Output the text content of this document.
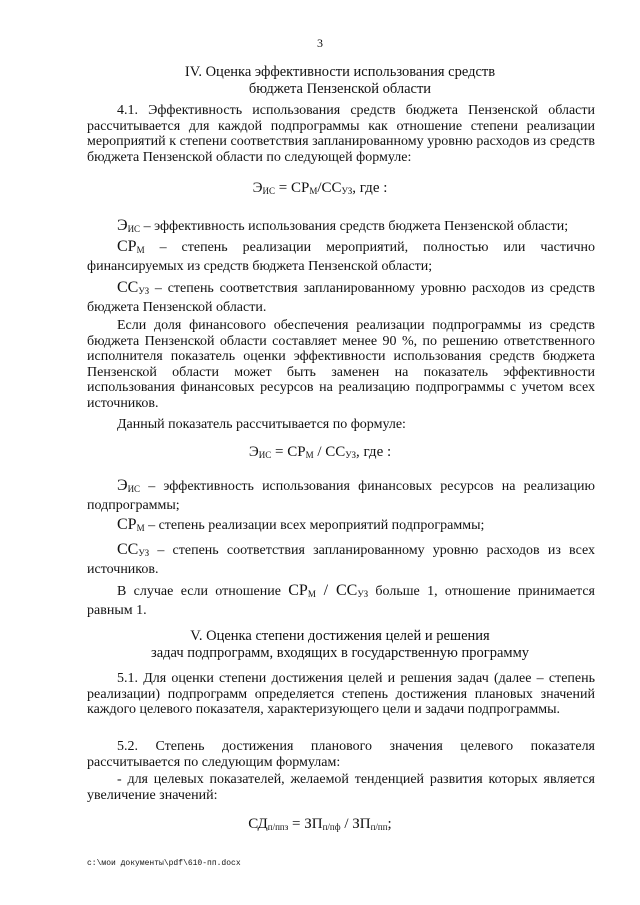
3
IV. Оценка эффективности использования средств
бюджета Пензенской области
4.1. Эффективность использования средств бюджета Пензенской области рассчитывается для каждой подпрограммы как отношение степени реализации мероприятий к степени соответствия запланированному уровню расходов из средств бюджета Пензенской области по следующей формуле:
$Э_{ИС} = СР_М/СС_{УЗ}$, где :
$Э_{ИС}$ – эффективность использования средств бюджета Пензенской области;
$СР_М$ – степень реализации мероприятий, полностью или частично финансируемых из средств бюджета Пензенской области;
$СС_{УЗ}$ – степень соответствия запланированному уровню расходов из средств бюджета Пензенской области.
Если доля финансового обеспечения реализации подпрограммы из средств бюджета Пензенской области составляет менее 90 %, по решению ответственного исполнителя показатель оценки эффективности использования средств бюджета Пензенской области может быть заменен на показатель эффективности использования финансовых ресурсов на реализацию подпрограммы с учетом всех источников.
Данный показатель рассчитывается по формуле:
$Э_{ИС} = СР_М / СС_{УЗ}$, где :
$Э_{ИС}$ – эффективность использования финансовых ресурсов на реализацию подпрограммы;
$СР_М$ – степень реализации всех мероприятий подпрограммы;
$СС_{УЗ}$ – степень соответствия запланированному уровню расходов из всех источников.
В случае если отношение $СР_М / СС_{УЗ}$ больше 1, отношение принимается равным 1.
V. Оценка степени достижения целей и решения
задач подпрограмм, входящих в государственную программу
5.1. Для оценки степени достижения целей и решения задач (далее – степень реализации) подпрограмм определяется степень достижения плановых значений каждого целевого показателя, характеризующего цели и задачи подпрограммы.
5.2. Степень достижения планового значения целевого показателя рассчитывается по следующим формулам:
- для целевых показателей, желаемой тенденцией развития которых является увеличение значений:
$СД_{п/ппз} = ЗП_{п/пф} / ЗП_{п/пп}$;
c:\мои документы\pdf\610-пп.docx
